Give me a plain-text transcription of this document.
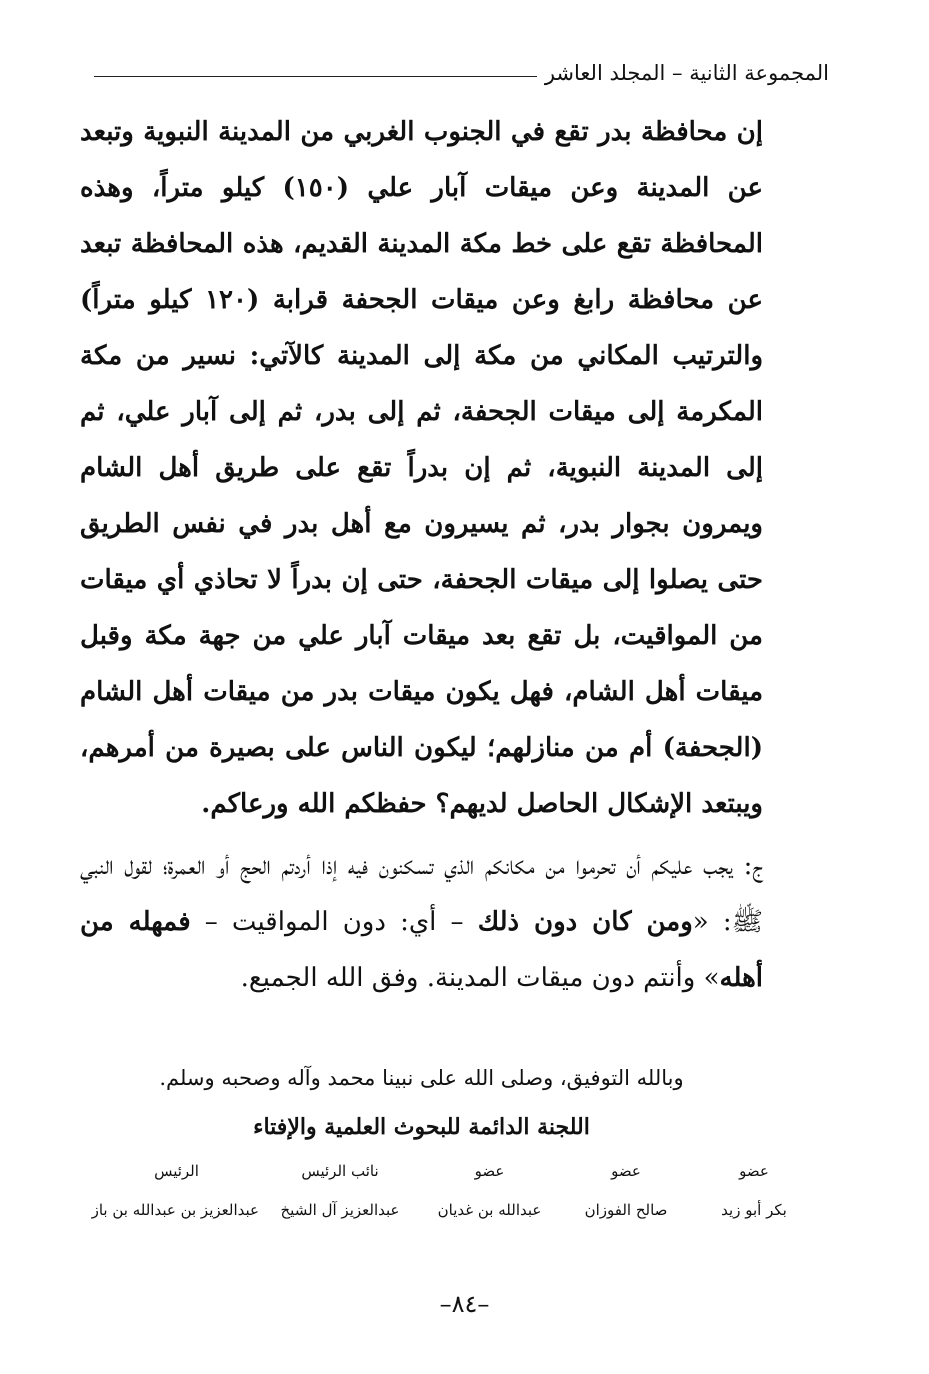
المجموعة الثانية – المجلد العاشر

إن محافظة بدر تقع في الجنوب الغربي من المدينة النبوية وتبعد عن المدينة وعن ميقات آبار علي (١٥٠) كيلو متراً، وهذه المحافظة تقع على خط مكة المدينة القديم، هذه المحافظة تبعد عن محافظة رابغ وعن ميقات الجحفة قرابة (١٢٠ كيلو متراً) والترتيب المكاني من مكة إلى المدينة كالآتي: نسير من مكة المكرمة إلى ميقات الجحفة، ثم إلى بدر، ثم إلى آبار علي، ثم إلى المدينة النبوية، ثم إن بدراً تقع على طريق أهل الشام ويمرون بجوار بدر، ثم يسيرون مع أهل بدر في نفس الطريق حتى يصلوا إلى ميقات الجحفة، حتى إن بدراً لا تحاذي أي ميقات من المواقيت، بل تقع بعد ميقات آبار علي من جهة مكة وقبل ميقات أهل الشام، فهل يكون ميقات بدر من ميقات أهل الشام (الجحفة) أم من منازلهم؛ ليكون الناس على بصيرة من أمرهم، ويبتعد الإشكال الحاصل لديهم؟ حفظكم الله ورعاكم.

ج: يجب عليكم أن تحرموا من مكانكم الذي تسكنون فيه إذا أردتم الحج أو العمرة؛ لقول النبي ﷺ: «ومن كان دون ذلك – أي: دون المواقيت – فمهله من أهله» وأنتم دون ميقات المدينة. وفق الله الجميع.

وبالله التوفيق، وصلى الله على نبينا محمد وآله وصحبه وسلم.
اللجنة الدائمة للبحوث العلمية والإفتاء
عضو
بكر أبو زيد
عضو
صالح الفوزان
عضو
عبدالله بن غديان
نائب الرئيس
عبدالعزيز آل الشيخ
الرئيس
عبدالعزيز بن عبدالله بن باز
–٨٤–
